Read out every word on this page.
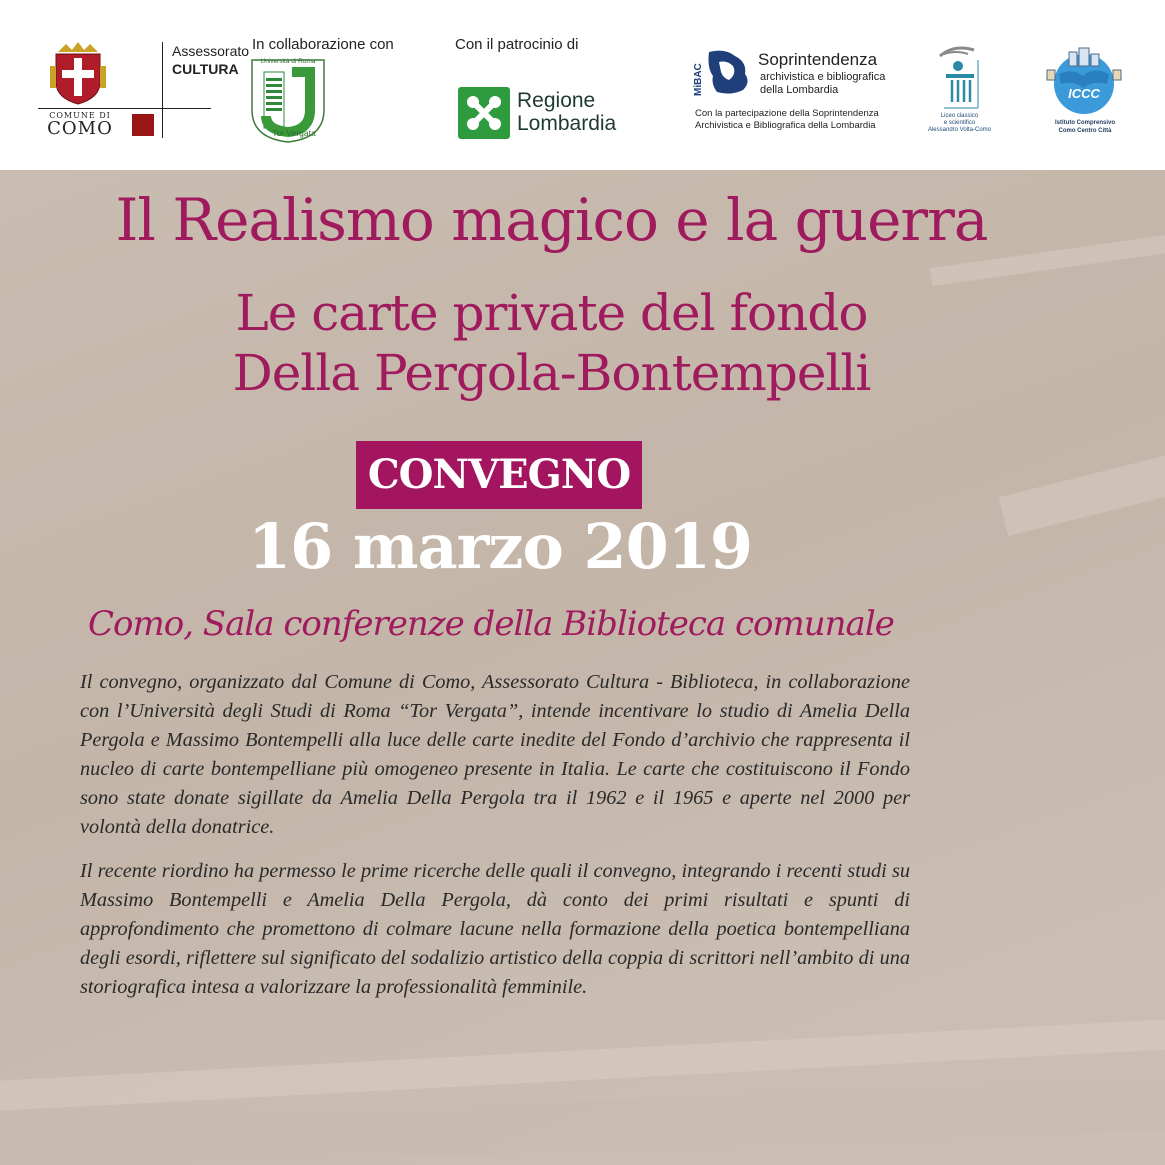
COMUNE DI
COMO
Assessorato
CULTURA
In collaborazione con
Università di Roma
Tor Vergata
Con il patrocinio di
Regione
Lombardia
MiBAC
Soprintendenza
archivistica e bibliografica
della Lombardia
Con la partecipazione della Soprintendenza
Archivistica e Bibliografica della Lombardia
Liceo classico
e scientifico
Alessandro Volta-Como
ICCC
Istituto Comprensivo
Como Centro Città
Il Realismo magico e la guerra
Le carte private del fondo
Della Pergola-Bontempelli
CONVEGNO
16 marzo 2019
Como, Sala conferenze della Biblioteca comunale
Il convegno, organizzato dal Comune di Como, Assessorato Cultura - Biblioteca, in collaborazione con l’Università degli Studi di Roma “Tor Vergata”, intende incentivare lo studio di Amelia Della Pergola e Massimo Bontempelli alla luce delle carte inedite del Fondo d’archivio che rappresenta il nucleo di carte bontempelliane più omogeneo presente in Italia. Le carte che costituiscono il Fondo sono state donate sigillate da Amelia Della Pergola tra il 1962 e il 1965 e aperte nel 2000 per volontà della donatrice.
Il recente riordino ha permesso le prime ricerche delle quali il convegno, integrando i recenti studi su Massimo Bontempelli e Amelia Della Pergola, dà conto dei primi risultati e spunti di approfondimento che promettono di colmare lacune nella formazione della poetica bontempelliana degli esordi, riflettere sul significato del sodalizio artistico della coppia di scrittori nell’ambito di una storiografica intesa a valorizzare la professionalità femminile.
